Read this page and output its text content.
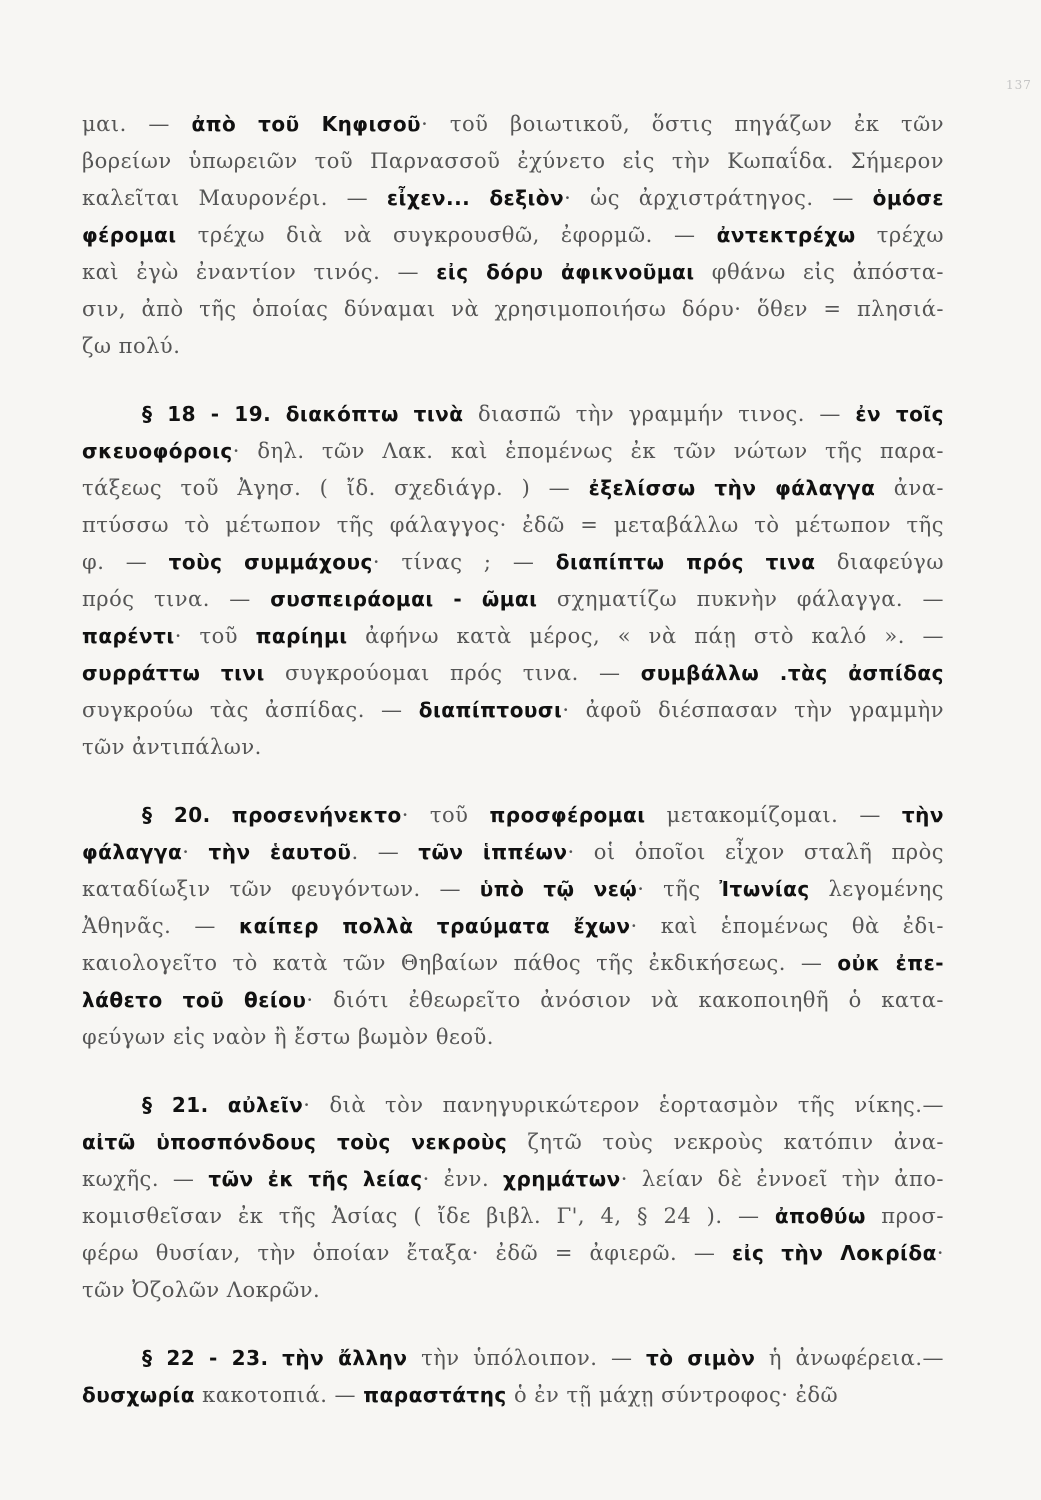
137
μαι. — ἀπὸ τοῦ Κηφισοῦ· τοῦ βοιωτικοῦ, ὅστις πηγάζων ἐκ τῶν
βορείων ὑπωρειῶν τοῦ Παρνασσοῦ ἐχύνετο εἰς τὴν Κωπαΐδα. Σήμερον
καλεῖται Μαυρονέρι. — εἶχεν... δεξιὸν· ὡς ἀρχιστράτηγος. — ὁμόσε
φέρομαι τρέχω διὰ νὰ συγκρουσθῶ, ἐφορμῶ. — ἀντεκτρέχω τρέχω
καὶ ἐγὼ ἐναντίον τινός. — εἰς δόρυ ἀφικνοῦμαι φθάνω εἰς ἀπόστα-
σιν, ἀπὸ τῆς ὁποίας δύναμαι νὰ χρησιμοποιήσω δόρυ· ὅθεν = πλησιά-
ζω πολύ.
§ 18 - 19. διακόπτω τινὰ διασπῶ τὴν γραμμήν τινος. — ἐν τοῖς
σκευοφόροις· δηλ. τῶν Λακ. καὶ ἑπομένως ἐκ τῶν νώτων τῆς παρα-
τάξεως τοῦ Ἀγησ. ( ἴδ. σχεδιάγρ. ) — ἐξελίσσω τὴν φάλαγγα ἀνα-
πτύσσω τὸ μέτωπον τῆς φάλαγγος· ἐδῶ = μεταβάλλω τὸ μέτωπον τῆς
φ. — τοὺς συμμάχους· τίνας ; — διαπίπτω πρός τινα διαφεύγω
πρός τινα. — συσπειράομαι - ῶμαι σχηματίζω πυκνὴν φάλαγγα. —
παρέντι· τοῦ παρίημι ἀφήνω κατὰ μέρος, « νὰ πάῃ στὸ καλό ». —
συρράττω τινι συγκρούομαι πρός τινα. — συμβάλλω .τὰς ἀσπίδας
συγκρούω τὰς ἀσπίδας. — διαπίπτουσι· ἀφοῦ διέσπασαν τὴν γραμμὴν
τῶν ἀντιπάλων.
§ 20. προσενήνεκτο· τοῦ προσφέρομαι μετακομίζομαι. — τὴν
φάλαγγα· τὴν ἑαυτοῦ. — τῶν ἱππέων· οἱ ὁποῖοι εἶχον σταλῆ πρὸς
καταδίωξιν τῶν φευγόντων. — ὑπὸ τῷ νεῴ· τῆς Ἰτωνίας λεγομένης
Ἀθηνᾶς. — καίπερ πολλὰ τραύματα ἔχων· καὶ ἑπομένως θὰ ἐδι-
καιολογεῖτο τὸ κατὰ τῶν Θηβαίων πάθος τῆς ἐκδικήσεως. — οὐκ ἐπε-
λάθετο τοῦ θείου· διότι ἐθεωρεῖτο ἀνόσιον νὰ κακοποιηθῆ ὁ κατα-
φεύγων εἰς ναὸν ἢ ἔστω βωμὸν θεοῦ.
§ 21. αὐλεῖν· διὰ τὸν πανηγυρικώτερον ἑορτασμὸν τῆς νίκης.—
αἰτῶ ὑποσπόνδους τοὺς νεκροὺς ζητῶ τοὺς νεκροὺς κατόπιν ἀνα-
κωχῆς. — τῶν ἐκ τῆς λείας· ἐνν. χρημάτων· λείαν δὲ ἐννοεῖ τὴν ἀπο-
κομισθεῖσαν ἐκ τῆς Ἀσίας ( ἴδε βιβλ. Γ', 4, § 24 ). — ἀποθύω προσ-
φέρω θυσίαν, τὴν ὁποίαν ἔταξα· ἐδῶ = ἀφιερῶ. — εἰς τὴν Λοκρίδα·
τῶν Ὀζολῶν Λοκρῶν.
§ 22 - 23. τὴν ἄλλην τὴν ὑπόλοιπον. — τὸ σιμὸν ἡ ἀνωφέρεια.—
δυσχωρία κακοτοπιά. — παραστάτης ὁ ἐν τῇ μάχῃ σύντροφος· ἐδῶ
